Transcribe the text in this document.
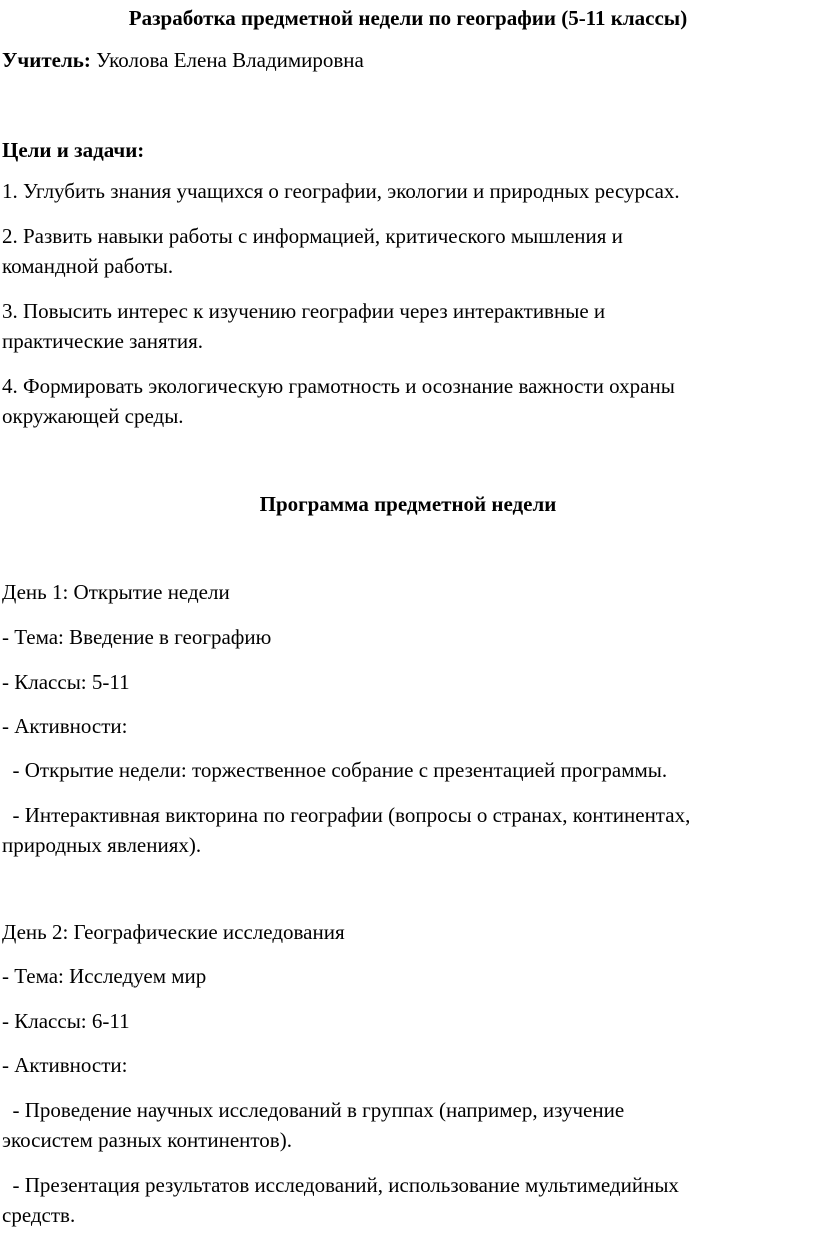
Разработка предметной недели по географии (5-11 классы)

Учитель: Уколова Елена Владимировна

Цели и задачи:

1. Углубить знания учащихся о географии, экологии и природных ресурсах.

2. Развить навыки работы с информацией, критического мышления и

командной работы.

3. Повысить интерес к изучению географии через интерактивные и

практические занятия.

4. Формировать экологическую грамотность и осознание важности охраны

окружающей среды.

Программа предметной недели

День 1: Открытие недели

- Тема: Введение в географию

- Классы: 5-11

- Активности:

- Открытие недели: торжественное собрание с презентацией программы.

- Интерактивная викторина по географии (вопросы о странах, континентах,

природных явлениях).

День 2: Географические исследования

- Тема: Исследуем мир

- Классы: 6-11

- Активности:

- Проведение научных исследований в группах (например, изучение

экосистем разных континентов).

- Презентация результатов исследований, использование мультимедийных

средств.
